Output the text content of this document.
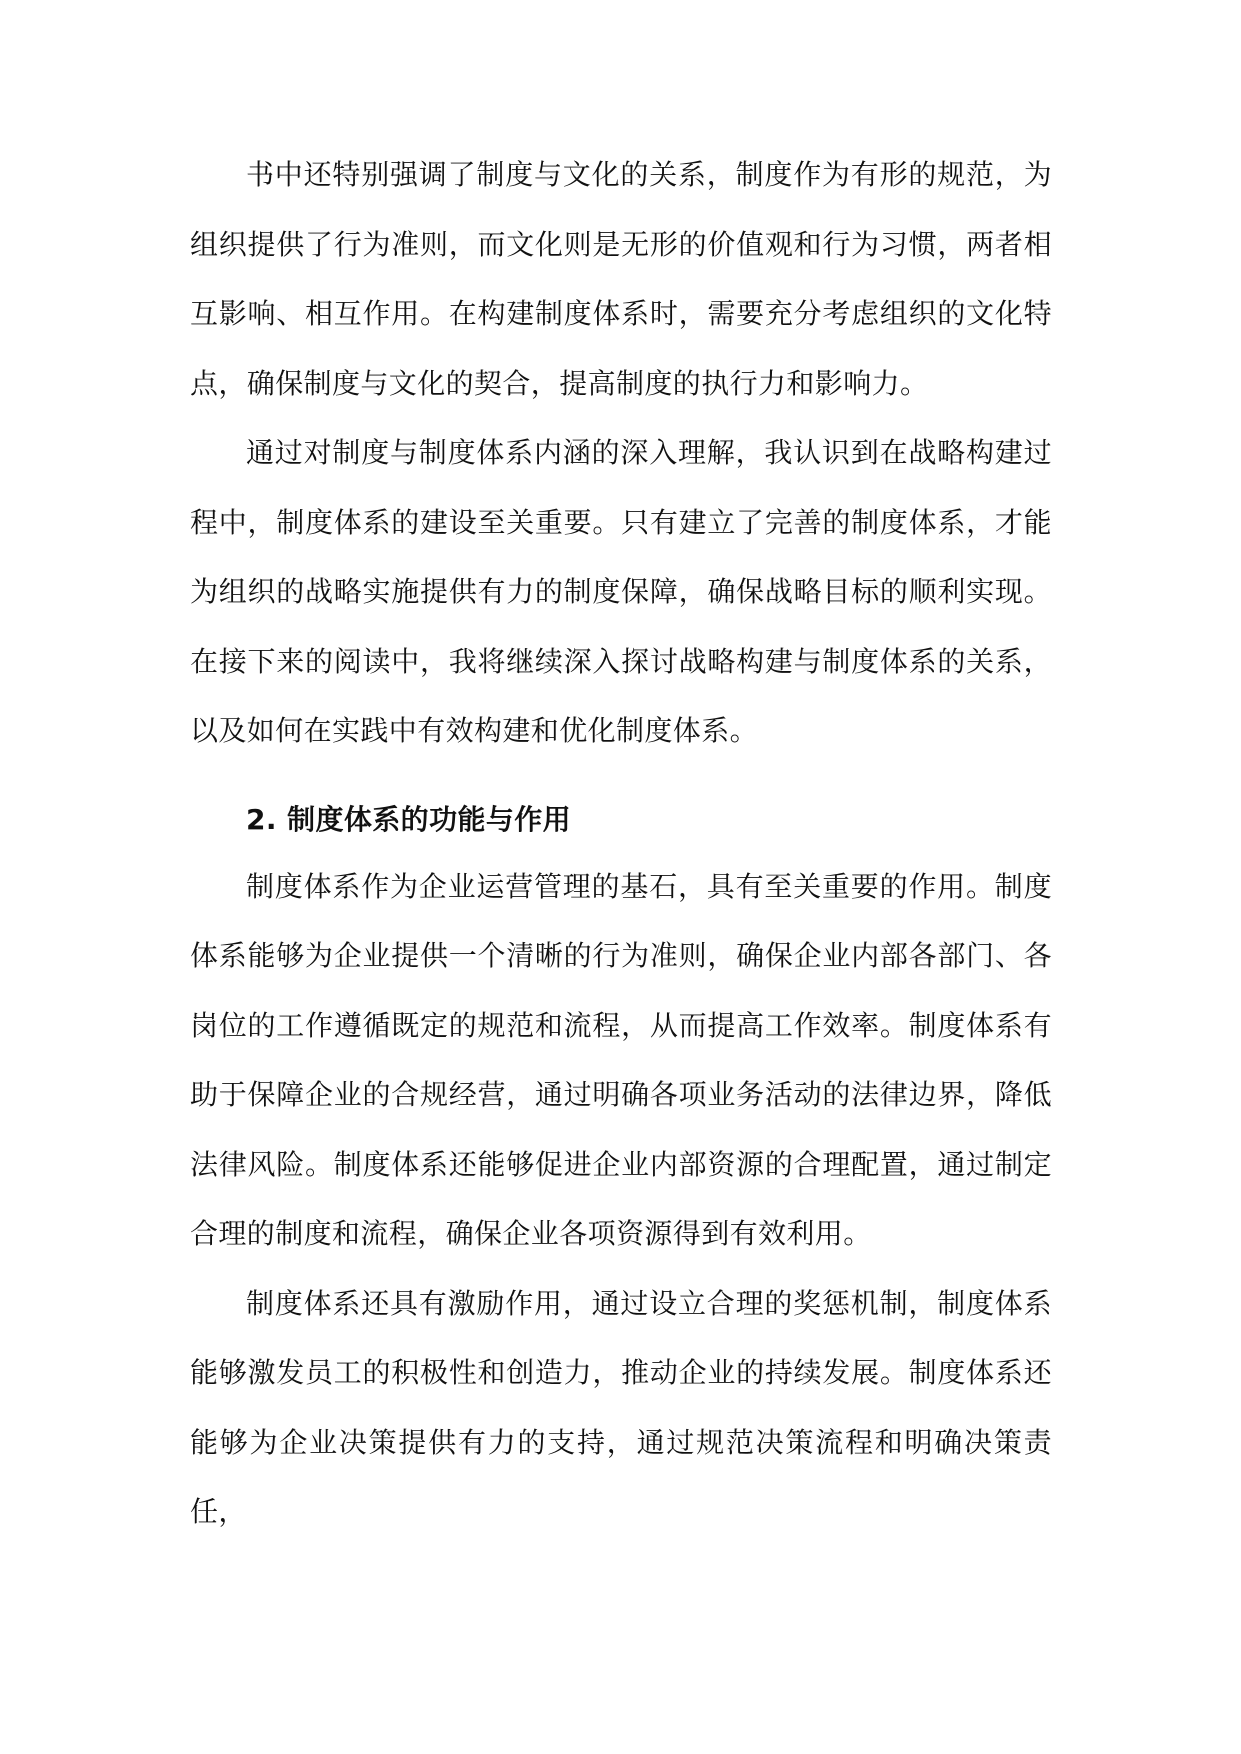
书中还特别强调了制度与文化的关系，制度作为有形的规范，为组织提供了行为准则，而文化则是无形的价值观和行为习惯，两者相互影响、相互作用。在构建制度体系时，需要充分考虑组织的文化特点，确保制度与文化的契合，提高制度的执行力和影响力。

通过对制度与制度体系内涵的深入理解，我认识到在战略构建过程中，制度体系的建设至关重要。只有建立了完善的制度体系，才能为组织的战略实施提供有力的制度保障，确保战略目标的顺利实现。在接下来的阅读中，我将继续深入探讨战略构建与制度体系的关系，以及如何在实践中有效构建和优化制度体系。

2. 制度体系的功能与作用

制度体系作为企业运营管理的基石，具有至关重要的作用。制度体系能够为企业提供一个清晰的行为准则，确保企业内部各部门、各岗位的工作遵循既定的规范和流程，从而提高工作效率。制度体系有助于保障企业的合规经营，通过明确各项业务活动的法律边界，降低法律风险。制度体系还能够促进企业内部资源的合理配置，通过制定合理的制度和流程，确保企业各项资源得到有效利用。

制度体系还具有激励作用，通过设立合理的奖惩机制，制度体系能够激发员工的积极性和创造力，推动企业的持续发展。制度体系还能够为企业决策提供有力的支持，通过规范决策流程和明确决策责任，
